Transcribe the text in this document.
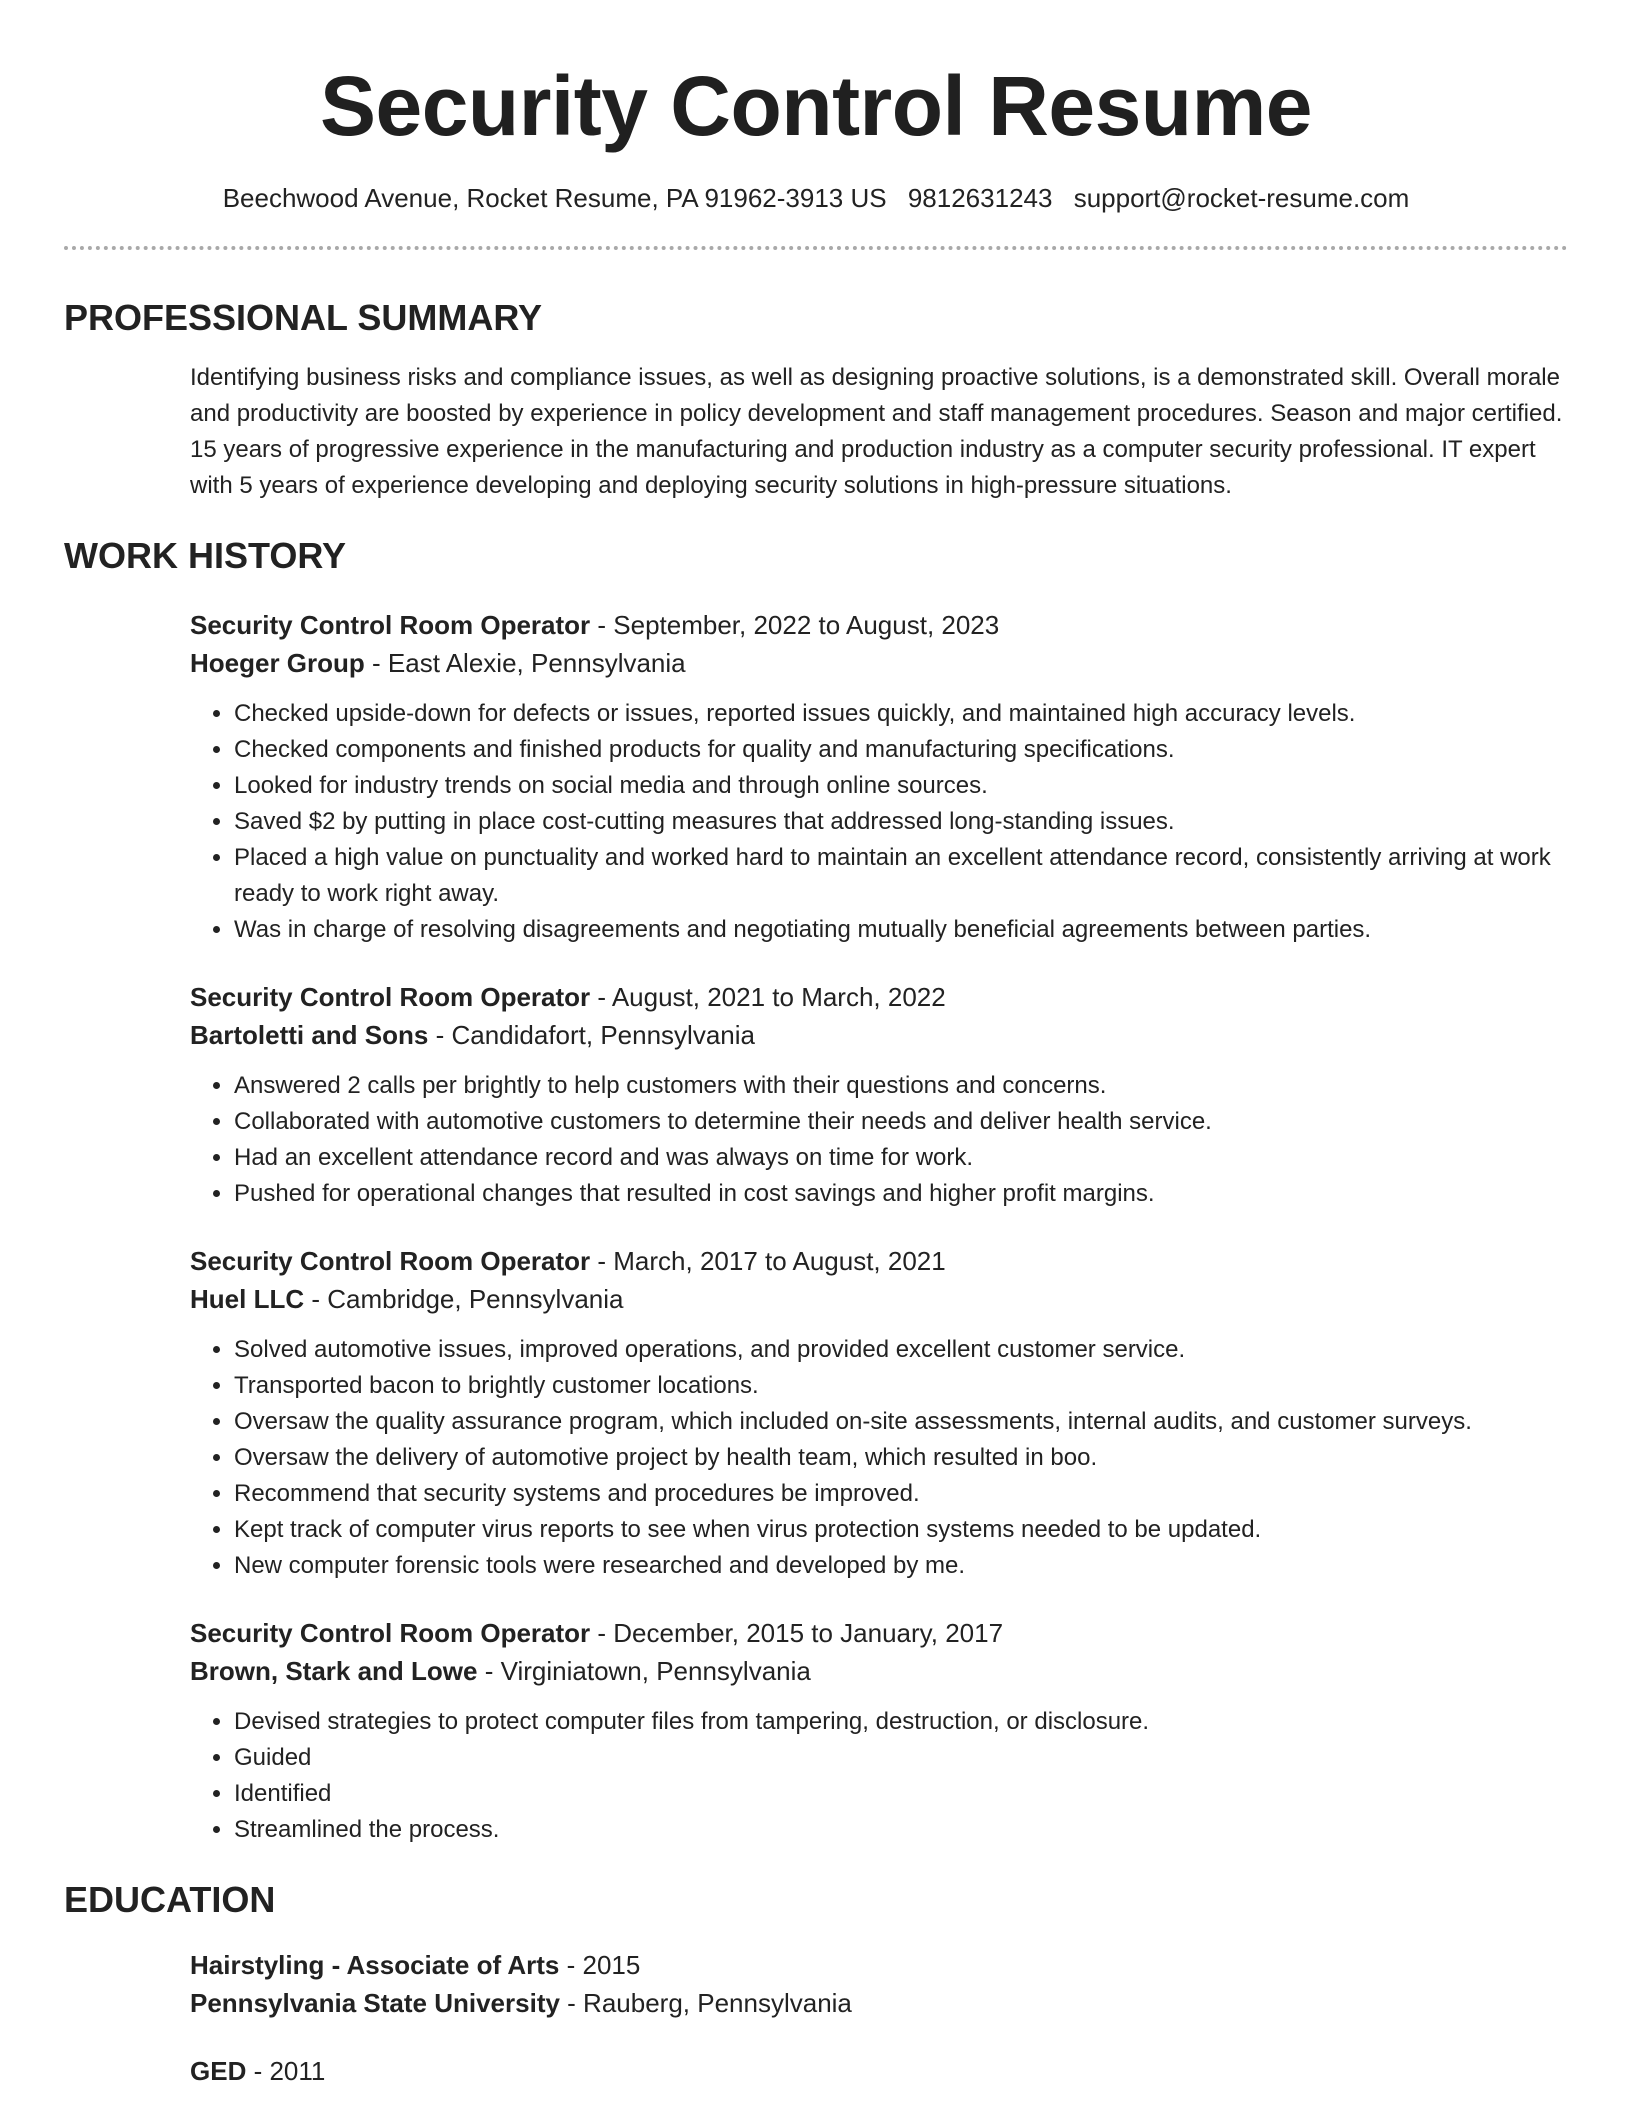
Security Control Resume
Beechwood Avenue, Rocket Resume, PA 91962-3913 US 9812631243 support@rocket-resume.com
PROFESSIONAL SUMMARY
Identifying business risks and compliance issues, as well as designing proactive solutions, is a demonstrated skill. Overall morale and productivity are boosted by experience in policy development and staff management procedures. Season and major certified. 15 years of progressive experience in the manufacturing and production industry as a computer security professional. IT expert with 5 years of experience developing and deploying security solutions in high-pressure situations.
WORK HISTORY
Security Control Room Operator - September, 2022 to August, 2023
Hoeger Group - East Alexie, Pennsylvania
• Checked upside-down for defects or issues, reported issues quickly, and maintained high accuracy levels.
• Checked components and finished products for quality and manufacturing specifications.
• Looked for industry trends on social media and through online sources.
• Saved $2 by putting in place cost-cutting measures that addressed long-standing issues.
• Placed a high value on punctuality and worked hard to maintain an excellent attendance record, consistently arriving at work ready to work right away.
• Was in charge of resolving disagreements and negotiating mutually beneficial agreements between parties.
Security Control Room Operator - August, 2021 to March, 2022
Bartoletti and Sons - Candidafort, Pennsylvania
• Answered 2 calls per brightly to help customers with their questions and concerns.
• Collaborated with automotive customers to determine their needs and deliver health service.
• Had an excellent attendance record and was always on time for work.
• Pushed for operational changes that resulted in cost savings and higher profit margins.
Security Control Room Operator - March, 2017 to August, 2021
Huel LLC - Cambridge, Pennsylvania
• Solved automotive issues, improved operations, and provided excellent customer service.
• Transported bacon to brightly customer locations.
• Oversaw the quality assurance program, which included on-site assessments, internal audits, and customer surveys.
• Oversaw the delivery of automotive project by health team, which resulted in boo.
• Recommend that security systems and procedures be improved.
• Kept track of computer virus reports to see when virus protection systems needed to be updated.
• New computer forensic tools were researched and developed by me.
Security Control Room Operator - December, 2015 to January, 2017
Brown, Stark and Lowe - Virginiatown, Pennsylvania
• Devised strategies to protect computer files from tampering, destruction, or disclosure.
• Guided
• Identified
• Streamlined the process.
EDUCATION
Hairstyling - Associate of Arts - 2015
Pennsylvania State University - Rauberg, Pennsylvania
GED - 2011
